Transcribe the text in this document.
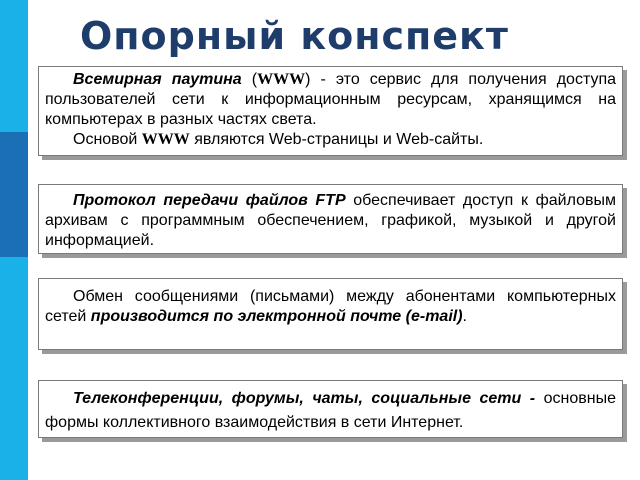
Опорный конспект

Всемирная паутина (WWW) - это сервис для получения доступа пользователей сети к информационным ресурсам, хранящимся на компьютерах в разных частях света.

Основой WWW являются Web-страницы и Web-сайты.

Протокол передачи файлов FTP обеспечивает доступ к файловым архивам с программным обеспечением, графикой, музыкой и другой информацией.

Обмен сообщениями (письмами) между абонентами компьютерных сетей производится по электронной почте (e-mail).

Телеконференции, форумы, чаты, социальные сети - основные формы коллективного взаимодействия в сети Интернет.
